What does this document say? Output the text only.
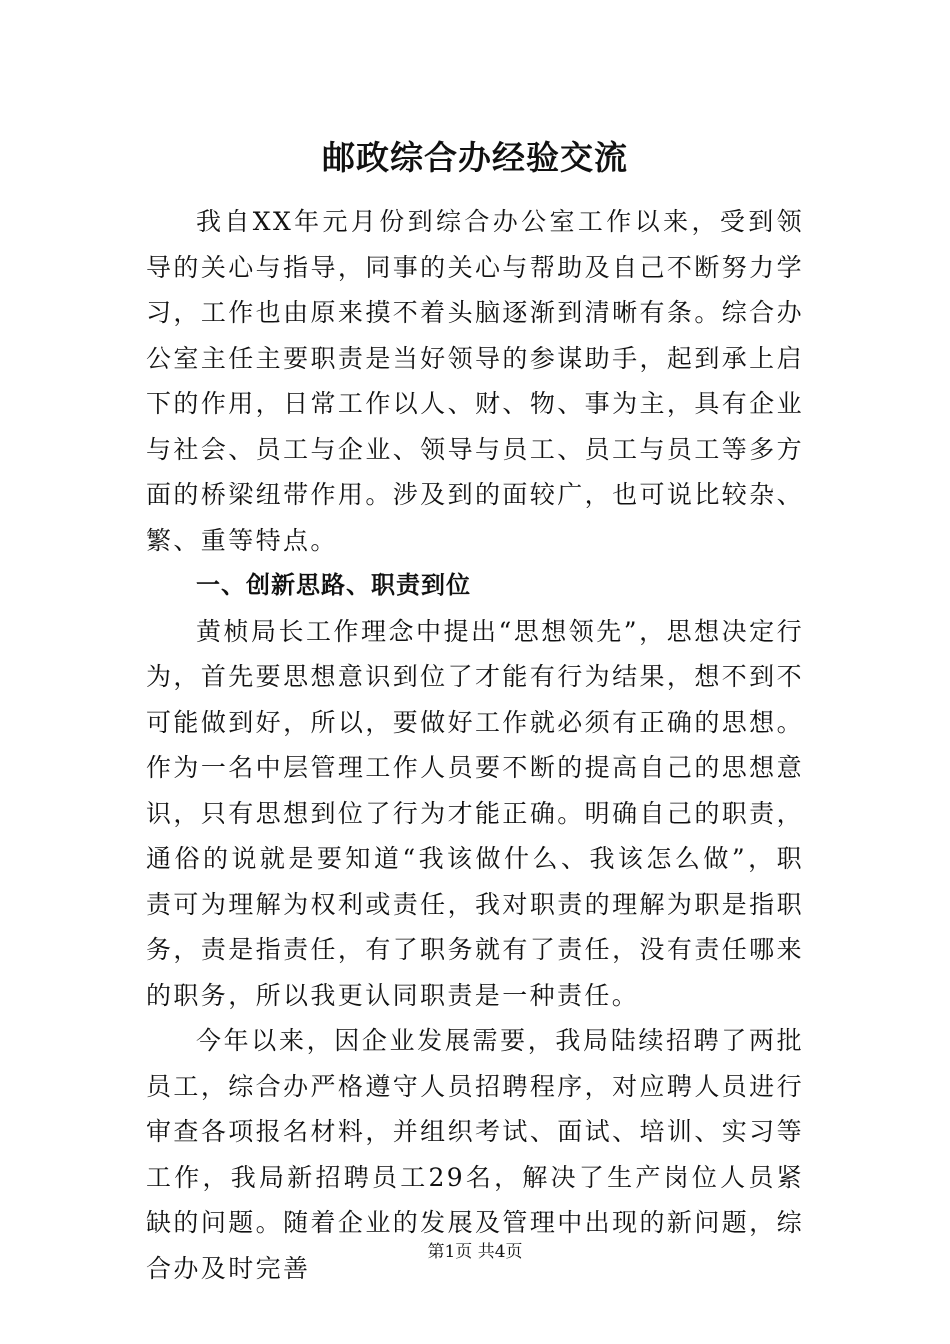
邮政综合办经验交流

我自XX年元月份到综合办公室工作以来，受到领导的关心与指导，同事的关心与帮助及自己不断努力学习，工作也由原来摸不着头脑逐渐到清晰有条。综合办公室主任主要职责是当好领导的参谋助手，起到承上启下的作用，日常工作以人、财、物、事为主，具有企业与社会、员工与企业、领导与员工、员工与员工等多方面的桥梁纽带作用。涉及到的面较广，也可说比较杂、繁、重等特点。

一、创新思路、职责到位

黄桢局长工作理念中提出“思想领先”，思想决定行为，首先要思想意识到位了才能有行为结果，想不到不可能做到好，所以，要做好工作就必须有正确的思想。作为一名中层管理工作人员要不断的提高自己的思想意识，只有思想到位了行为才能正确。明确自己的职责，通俗的说就是要知道“我该做什么、我该怎么做”，职责可为理解为权利或责任，我对职责的理解为职是指职务，责是指责任，有了职务就有了责任，没有责任哪来的职务，所以我更认同职责是一种责任。

今年以来，因企业发展需要，我局陆续招聘了两批员工，综合办严格遵守人员招聘程序，对应聘人员进行审查各项报名材料，并组织考试、面试、培训、实习等工作，我局新招聘员工29名，解决了生产岗位人员紧缺的问题。随着企业的发展及管理中出现的新问题，综合办及时完善

第1页 共4页
